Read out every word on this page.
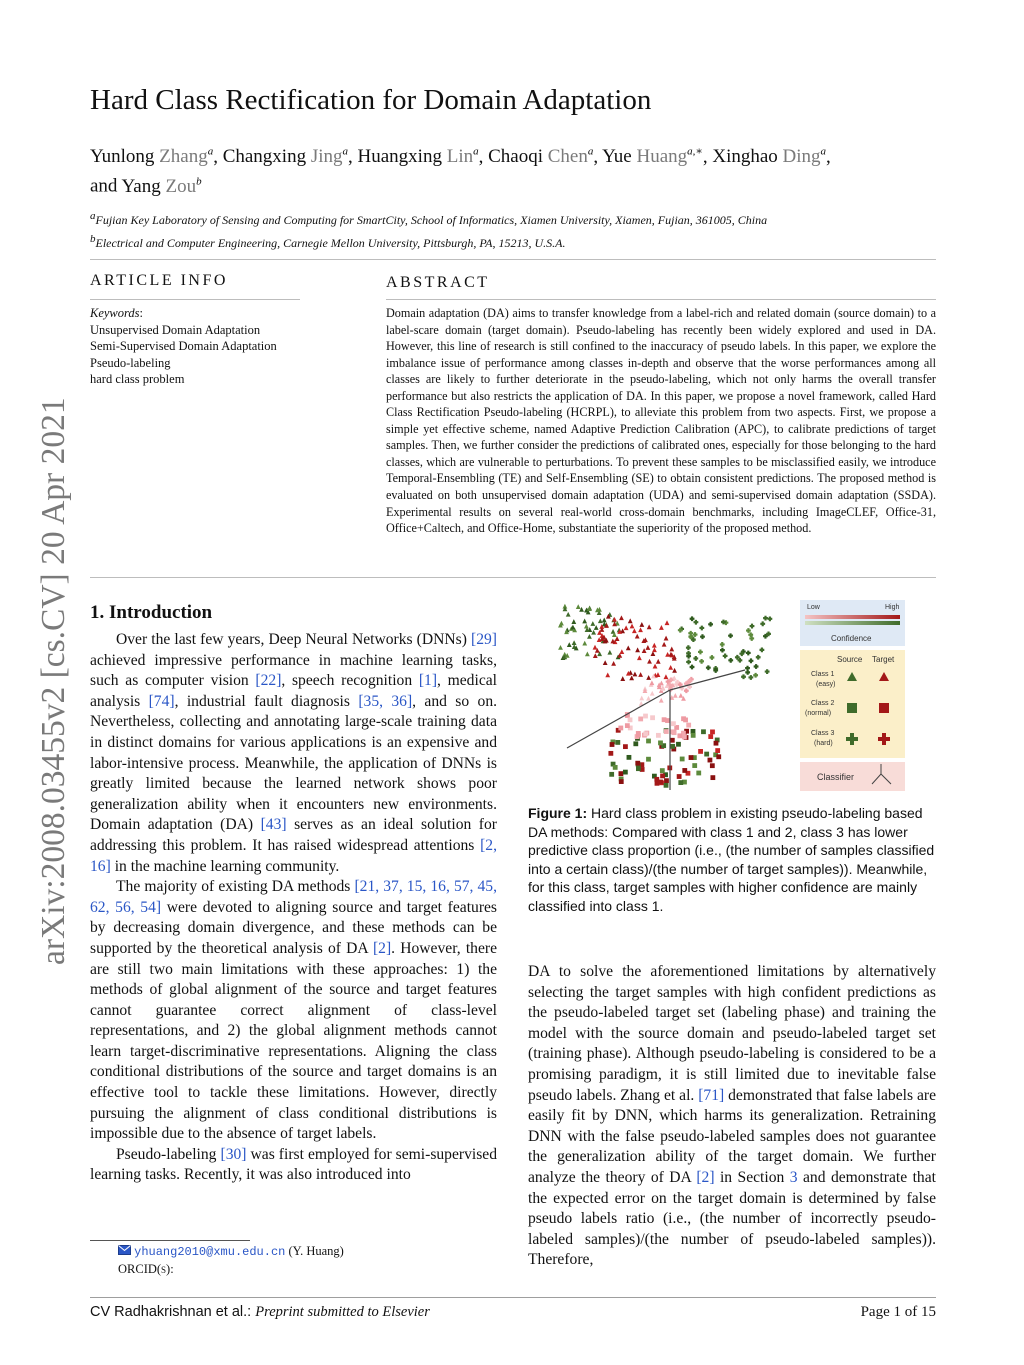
arXiv:2008.03455v2 [cs.CV] 20 Apr 2021
Hard Class Rectification for Domain Adaptation
Yunlong Zhang$^a$, Changxing Jing$^a$, Huangxing Lin$^a$, Chaoqi Chen$^a$, Yue Huang$^{a,∗}$, Xinghao Ding$^a$,
and Yang Zou$^b$
$^a$Fujian Key Laboratory of Sensing and Computing for SmartCity, School of Informatics, Xiamen University, Xiamen, Fujian, 361005, China
$^b$Electrical and Computer Engineering, Carnegie Mellon University, Pittsburgh, PA, 15213, U.S.A.
ARTICLE INFO
Keywords:
Unsupervised Domain Adaptation
Semi-Supervised Domain Adaptation
Pseudo-labeling
hard class problem
ABSTRACT
Domain adaptation (DA) aims to transfer knowledge from a label-rich and related domain (source domain) to a label-scare domain (target domain). Pseudo-labeling has recently been widely explored and used in DA. However, this line of research is still confined to the inaccuracy of pseudo labels. In this paper, we explore the imbalance issue of performance among classes in-depth and observe that the worse performances among all classes are likely to further deteriorate in the pseudo-labeling, which not only harms the overall transfer performance but also restricts the application of DA. In this paper, we propose a novel framework, called Hard Class Rectification Pseudo-labeling (HCRPL), to alleviate this problem from two aspects. First, we propose a simple yet effective scheme, named Adaptive Prediction Calibration (APC), to calibrate predictions of target samples. Then, we further consider the predictions of calibrated ones, especially for those belonging to the hard classes, which are vulnerable to perturbations. To prevent these samples to be misclassified easily, we introduce Temporal-Ensembling (TE) and Self-Ensembling (SE) to obtain consistent predictions. The proposed method is evaluated on both unsupervised domain adaptation (UDA) and semi-supervised domain adaptation (SSDA). Experimental results on several real-world cross-domain benchmarks, including ImageCLEF, Office-31, Office+Caltech, and Office-Home, substantiate the superiority of the proposed method.
1. Introduction

Over the last few years, Deep Neural Networks (DNNs) [29] achieved impressive performance in machine learning tasks, such as computer vision [22], speech recognition [1], medical analysis [74], industrial fault diagnosis [35, 36], and so on. Nevertheless, collecting and annotating large-scale training data in distinct domains for various applications is an expensive and labor-intensive process. Meanwhile, the application of DNNs is greatly limited because the learned network shows poor generalization ability when it encounters new environments. Domain adaptation (DA) [43] serves as an ideal solution for addressing this problem. It has raised widespread attentions [2, 16] in the machine learning community.

The majority of existing DA methods [21, 37, 15, 16, 57, 45, 62, 56, 54] were devoted to aligning source and target features by decreasing domain divergence, and these methods can be supported by the theoretical analysis of DA [2]. However, there are still two main limitations with these approaches: 1) the methods of global alignment of the source and target features cannot guarantee correct alignment of class-level representations, and 2) the global alignment methods cannot learn target-discriminative representations. Aligning the class conditional distributions of the source and target domains is an effective tool to tackle these limitations. However, directly pursuing the alignment of class conditional distributions is impossible due to the absence of target labels.

Pseudo-labeling [30] was first employed for semi-supervised learning tasks. Recently, it was also introduced into

Low	High
Confidence
Source Target
Class 1
(easy)
Class 2
(normal)
Class 3
(hard)
Classifier
Figure 1: Hard class problem in existing pseudo-labeling based DA methods: Compared with class 1 and 2, class 3 has lower predictive class proportion (i.e., (the number of samples classified into a certain class)/(the number of target samples)). Meanwhile, for this class, target samples with higher confidence are mainly classified into class 1.

DA to solve the aforementioned limitations by alternatively selecting the target samples with high confident predictions as the pseudo-labeled target set (labeling phase) and training the model with the source domain and pseudo-labeled target set (training phase). Although pseudo-labeling is considered to be a promising paradigm, it is still limited due to inevitable false pseudo labels. Zhang et al. [71] demonstrated that false labels are easily fit by DNN, which harms its generalization. Retraining DNN with the false pseudo-labeled samples does not guarantee the generalization ability of the target domain. We further analyze the theory of DA [2] in Section 3 and demonstrate that the expected error on the target domain is determined by false pseudo labels ratio (i.e., (the number of incorrectly pseudo-labeled samples)/(the number of pseudo-labeled samples)). Therefore,

yhuang2010@xmu.edu.cn (Y. Huang)
ORCID(s):
CV Radhakrishnan et al.: Preprint submitted to Elsevier	Page 1 of 15
